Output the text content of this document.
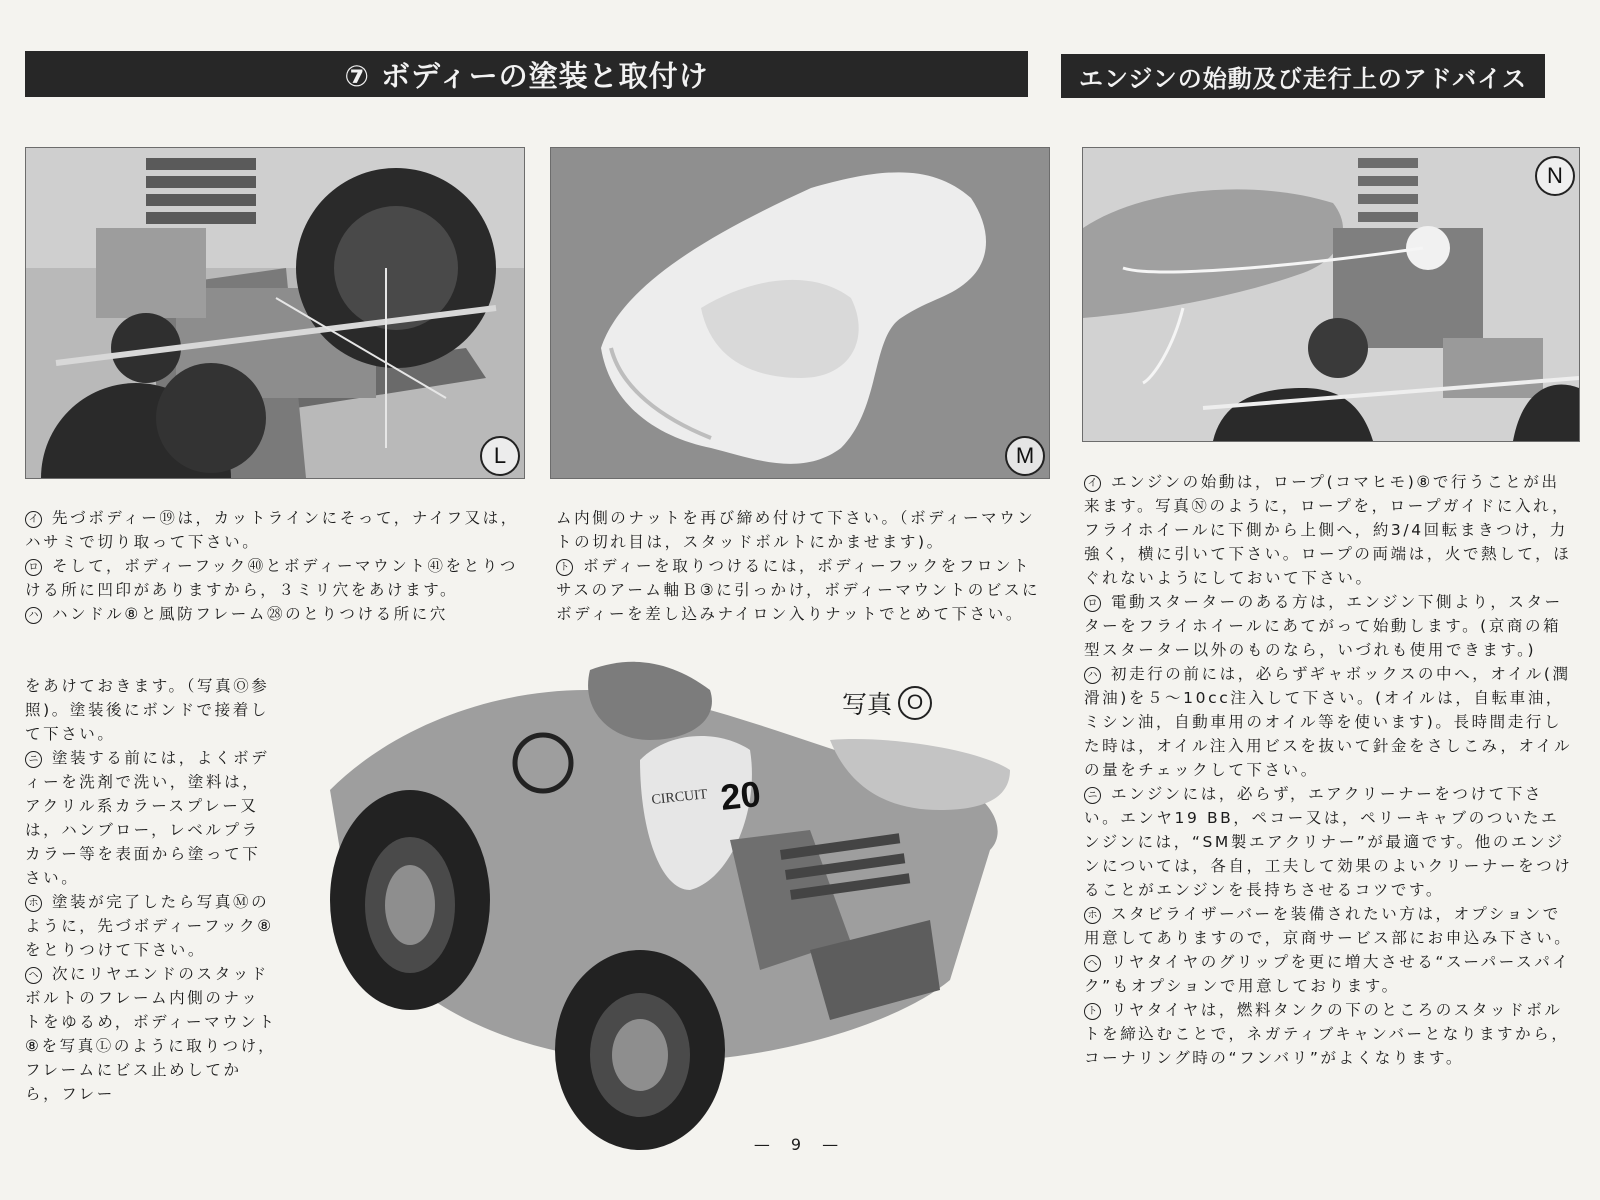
⑦ ボディーの塗装と取付け	エンジンの始動及び走行上のアドバイス
L	M
N

イ 先づボディー⑲は，カットラインにそって，ナイフ又は，ハサミで切り取って下さい。

ロ そして，ボディーフック㊵とボディーマウント㊶をとりつける所に凹印がありますから，３ミリ穴をあけます。

ハ ハンドル⑧と風防フレーム㉘のとりつける所に穴

をあけておきます。（写真Ⓞ参照)。塗装後にボンドで接着して下さい。

ニ 塗装する前には，よくボディーを洗剤で洗い，塗料は，アクリル系カラースプレー又は，ハンブロー，レベルプラカラー等を表面から塗って下さい。

ホ 塗装が完了したら写真Ⓜのように，先づボディーフック⑧をとりつけて下さい。

ヘ 次にリヤエンドのスタッドボルトのフレーム内側のナットをゆるめ，ボディーマウント⑧を写真Ⓛのように取りつけ，フレームにビス止めしてから，フレー

ム内側のナットを再び締め付けて下さい。（ボディーマウントの切れ目は，スタッドボルトにかませます)。

ト ボディーを取りつけるには，ボディーフックをフロントサスのアーム軸Ｂ③に引っかけ，ボディーマウントのビスにボディーを差し込みナイロン入りナットでとめて下さい。

CIRCUIT 20
写真 O

イ エンジンの始動は，ロープ(コマヒモ)⑧で行うことが出来ます。写真Ⓝのように，ロープを，ロープガイドに入れ，フライホイールに下側から上側へ，約3/4回転まきつけ，力強く，横に引いて下さい。ロープの両端は，火で熱して，ほぐれないようにしておいて下さい。

ロ 電動スターターのある方は，エンジン下側より，スターターをフライホイールにあてがって始動します。(京商の箱型スターター以外のものなら，いづれも使用できます。)

ハ 初走行の前には，必らずギャボックスの中へ，オイル(潤滑油)を５〜10cc注入して下さい。(オイルは，自転車油，ミシン油，自動車用のオイル等を使います)。長時間走行した時は，オイル注入用ビスを抜いて針金をさしこみ，オイルの量をチェックして下さい。

ニ エンジンには，必らず，エアクリーナーをつけて下さい。エンヤ19 BB，ペコー又は，ペリーキャブのついたエンジンには，“SM製エアクリナー”が最適です。他のエンジンについては，各自，工夫して効果のよいクリーナーをつけることがエンジンを長持ちさせるコツです。

ホ スタビライザーバーを装備されたい方は，オプションで用意してありますので，京商サービス部にお申込み下さい。

ヘ リヤタイヤのグリップを更に増大させる“スーパースパイク”もオプションで用意しております。

ト リヤタイヤは，燃料タンクの下のところのスタッドボルトを締込むことで，ネガティブキャンバーとなりますから，コーナリング時の“フンバリ”がよくなります。

— 9 —
